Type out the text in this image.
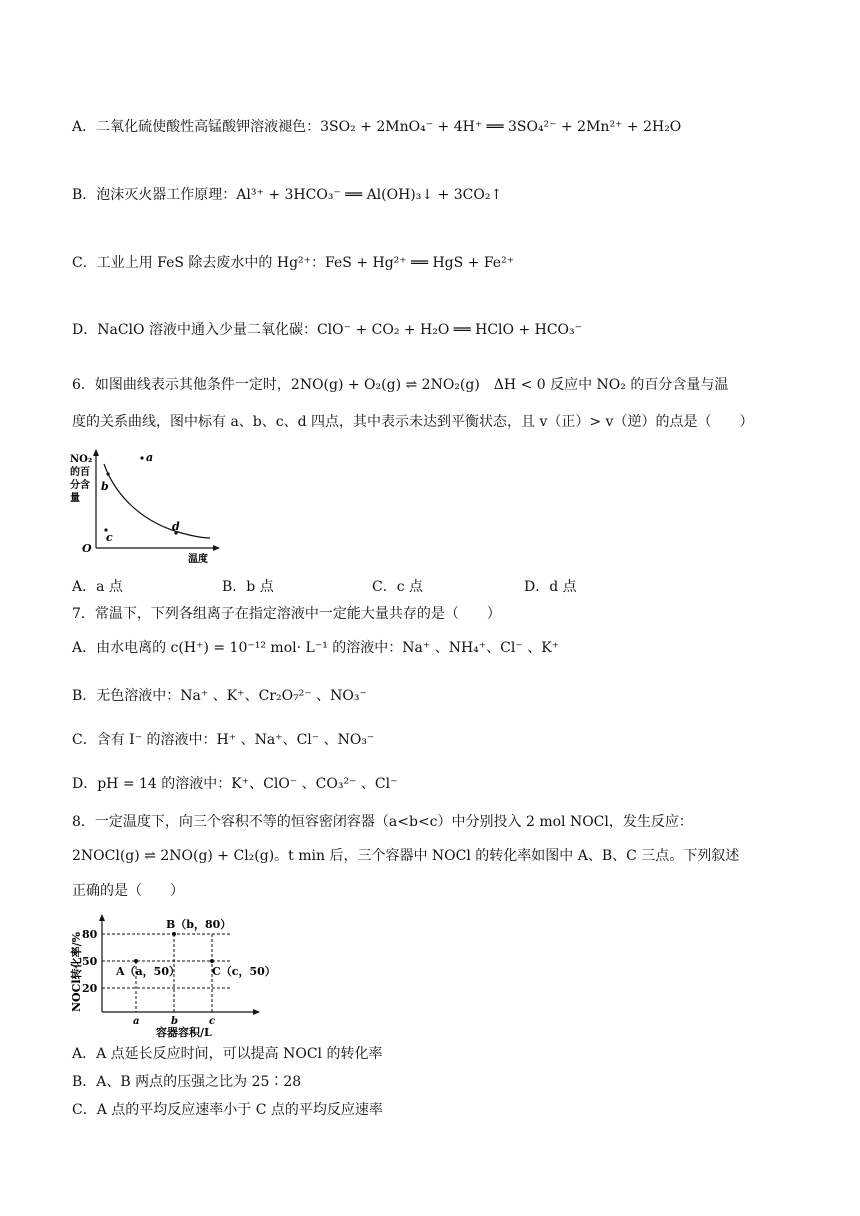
A．二氧化硫使酸性高锰酸钾溶液褪色：3SO₂ + 2MnO₄⁻ + 4H⁺ ══ 3SO₄²⁻ + 2Mn²⁺ + 2H₂O
B．泡沫灭火器工作原理：Al³⁺ + 3HCO₃⁻ ══ Al(OH)₃↓ + 3CO₂↑
C．工业上用 FeS 除去废水中的 Hg²⁺：FeS + Hg²⁺ ══ HgS + Fe²⁺
D．NaClO 溶液中通入少量二氧化碳：ClO⁻ + CO₂ + H₂O ══ HClO + HCO₃⁻
6．如图曲线表示其他条件一定时，2NO(g) + O₂(g) ⇌ 2NO₂(g)　ΔH < 0 反应中 NO₂ 的百分含量与温
度的关系曲线，图中标有 a、b、c、d 四点，其中表示未达到平衡状态，且 v（正）> v（逆）的点是（　　）
NO₂
的百
分含
量
O
温度
a
b
c
d
A．a 点	B．b 点	C．c 点	D．d 点
7．常温下，下列各组离子在指定溶液中一定能大量共存的是（　　）
A．由水电离的 c(H⁺) = 10⁻¹² mol· L⁻¹ 的溶液中：Na⁺ 、NH₄⁺、Cl⁻ 、K⁺
B．无色溶液中：Na⁺ 、K⁺、Cr₂O₇²⁻ 、NO₃⁻
C．含有 I⁻ 的溶液中：H⁺ 、Na⁺、Cl⁻ 、NO₃⁻
D．pH = 14 的溶液中：K⁺、ClO⁻ 、CO₃²⁻ 、Cl⁻
8．一定温度下，向三个容积不等的恒容密闭容器（a<b<c）中分别投入 2 mol NOCl，发生反应：
2NOCl(g) ⇌ 2NO(g) + Cl₂(g)。t min 后，三个容器中 NOCl 的转化率如图中 A、B、C 三点。下列叙述
正确的是（　　）
NOCl转化率/% 80
50
20
a	b	c
容器容积/L
A（a，50）
B（b，80）
C（c，50）
A．A 点延长反应时间，可以提高 NOCl 的转化率
B．A、B 两点的压强之比为 25∶28
C．A 点的平均反应速率小于 C 点的平均反应速率
